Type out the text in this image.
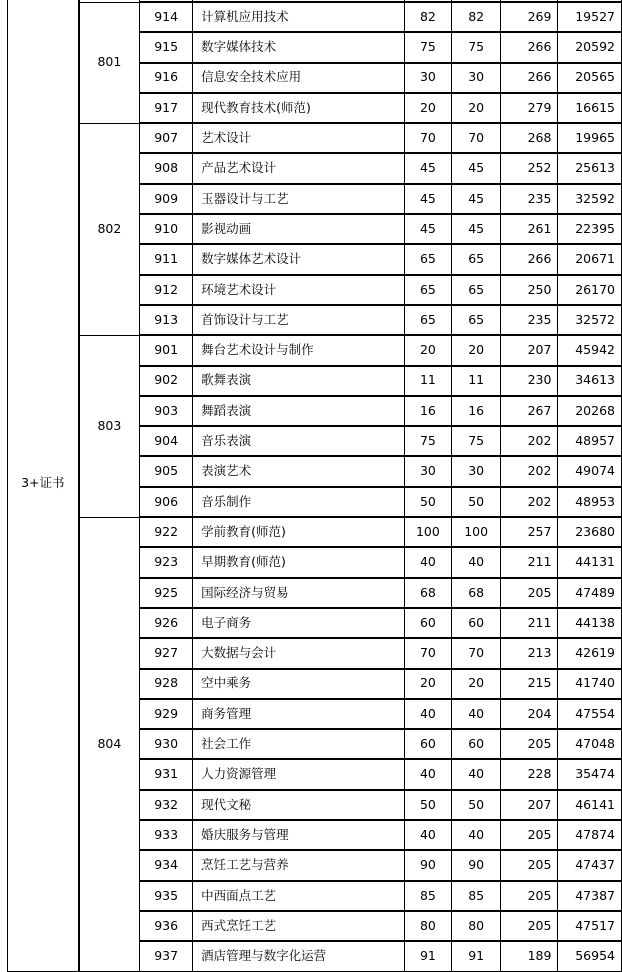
3+证书							
	801	914	计算机应用技术	82	82	269	19527
		915	数字媒体技术	75	75	266	20592
		916	信息安全技术应用	30	30	266	20565
		917	现代教育技术(师范)	20	20	279	16615
	802	907	艺术设计	70	70	268	19965
		908	产品艺术设计	45	45	252	25613
		909	玉器设计与工艺	45	45	235	32592
		910	影视动画	45	45	261	22395
		911	数字媒体艺术设计	65	65	266	20671
		912	环境艺术设计	65	65	250	26170
		913	首饰设计与工艺	65	65	235	32572
	803	901	舞台艺术设计与制作	20	20	207	45942
		902	歌舞表演	11	11	230	34613
		903	舞蹈表演	16	16	267	20268
		904	音乐表演	75	75	202	48957
		905	表演艺术	30	30	202	49074
		906	音乐制作	50	50	202	48953
	804	922	学前教育(师范)	100	100	257	23680
		923	早期教育(师范)	40	40	211	44131
		925	国际经济与贸易	68	68	205	47489
		926	电子商务	60	60	211	44138
		927	大数据与会计	70	70	213	42619
		928	空中乘务	20	20	215	41740
		929	商务管理	40	40	204	47554
		930	社会工作	60	60	205	47048
		931	人力资源管理	40	40	228	35474
		932	现代文秘	50	50	207	46141
		933	婚庆服务与管理	40	40	205	47874
		934	烹饪工艺与营养	90	90	205	47437
		935	中西面点工艺	85	85	205	47387
		936	西式烹饪工艺	80	80	205	47517
		937	酒店管理与数字化运营	91	91	189	56954
